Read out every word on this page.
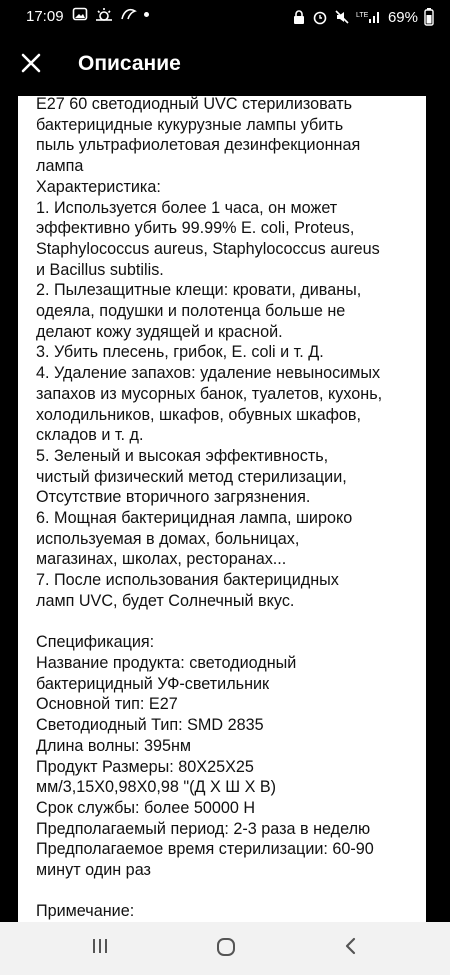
17:09	LTE 69%
Описание
E27 60 светодиодный UVC стерилизовать
бактерицидные кукурузные лампы убить
пыль ультрафиолетовая дезинфекционная
лампа
Характеристика:
1. Используется более 1 часа, он может
эффективно убить 99.99% E. coli, Proteus,
Staphylococcus aureus, Staphylococcus aureus
и Bacillus subtilis.
2. Пылезащитные клещи: кровати, диваны,
одеяла, подушки и полотенца больше не
делают кожу зудящей и красной.
3. Убить плесень, грибок, E. coli и т. Д.
4. Удаление запахов: удаление невыносимых
запахов из мусорных банок, туалетов, кухонь,
холодильников, шкафов, обувных шкафов,
складов и т. д.
5. Зеленый и высокая эффективность,
чистый физический метод стерилизации,
Отсутствие вторичного загрязнения.
6. Мощная бактерицидная лампа, широко
используемая в домах, больницах,
магазинах, школах, ресторанах...
7. После использования бактерицидных
ламп UVC, будет Солнечный вкус.

Спецификация:
Название продукта: светодиодный
бактерицидный УФ-светильник
Основной тип: E27
Светодиодный Тип: SMD 2835
Длина волны: 395нм
Продукт Размеры: 80X25X25
мм/3,15X0,98X0,98 "(Д X Ш X В)
Срок службы: более 50000 H
Предполагаемый период: 2-3 раза в неделю
Предполагаемое время стерилизации: 60-90
минут один раз

Примечание:
